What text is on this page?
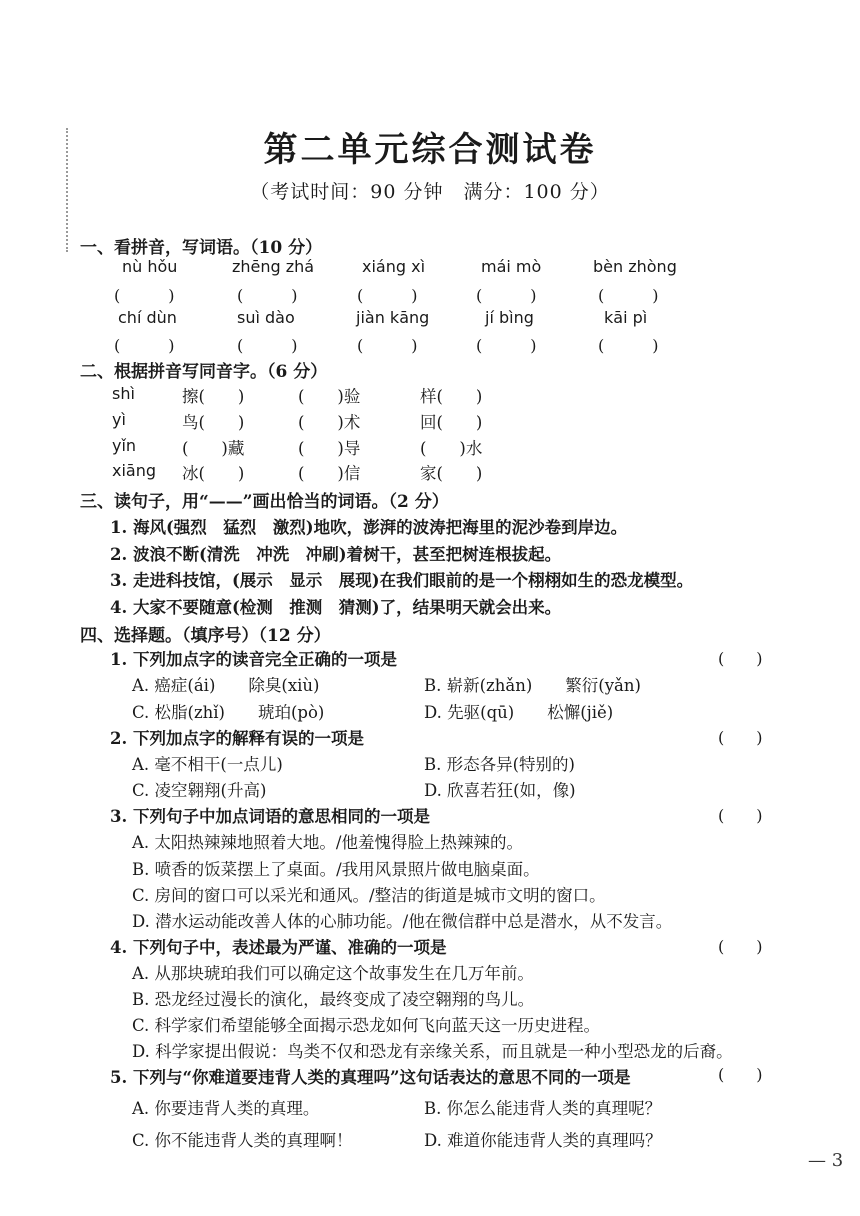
第二单元综合测试卷
（考试时间：90 分钟　满分：100 分）
一、看拼音，写词语。（10 分）
nù hǒu	zhēng zhá	xiáng xì	mái mò	bèn zhòng
(　　　)	(　　　)	(　　　)	(　　　)	(　　　)
chí dùn	suì dào	jiàn kāng	jí bìng	kāi pì
(　　　)	(　　　)	(　　　)	(　　　)	(　　　)
二、根据拼音写同音字。（6 分）
shì	擦(　　)	(　　)验	样(　　)
yì	鸟(　　)	(　　)术	回(　　)
yǐn	(　　)藏	(　　)导	(　　)水
xiāng 冰(　　)	(　　)信	家(　　)
三、读句子，用“——”画出恰当的词语。（2 分）
1. 海风(强烈　猛烈　激烈)地吹，澎湃的波涛把海里的泥沙卷到岸边。
2. 波浪不断(清洗　冲洗　冲刷)着树干，甚至把树连根拔起。
3. 走进科技馆，(展示　显示　展现)在我们眼前的是一个栩栩如生的恐龙模型。
4. 大家不要随意(检测　推测　猜测)了，结果明天就会出来。
四、选择题。（填序号）（12 分）
1. 下列加点字的读音完全正确的一项是	(　　)
A. 癌症(ái)　　除臭(xiù)	B. 崭新(zhǎn)　　繁衍(yǎn)
C. 松脂(zhǐ)　　琥珀(pò)	D. 先驱(qū)　　松懈(jiě)
2. 下列加点字的解释有误的一项是	(　　)
A. 毫不相干(一点儿)	B. 形态各异(特别的)
C. 凌空翱翔(升高)	D. 欣喜若狂(如，像)
3. 下列句子中加点词语的意思相同的一项是	(　　)
A. 太阳热辣辣地照着大地。/他羞愧得脸上热辣辣的。
B. 喷香的饭菜摆上了桌面。/我用风景照片做电脑桌面。
C. 房间的窗口可以采光和通风。/整洁的街道是城市文明的窗口。
D. 潜水运动能改善人体的心肺功能。/他在微信群中总是潜水，从不发言。
4. 下列句子中，表述最为严谨、准确的一项是	(　　)
A. 从那块琥珀我们可以确定这个故事发生在几万年前。
B. 恐龙经过漫长的演化，最终变成了凌空翱翔的鸟儿。
C. 科学家们希望能够全面揭示恐龙如何飞向蓝天这一历史进程。
D. 科学家提出假说：鸟类不仅和恐龙有亲缘关系，而且就是一种小型恐龙的后裔。
5. 下列与“你难道要违背人类的真理吗”这句话表达的意思不同的一项是	(　　)
A. 你要违背人类的真理。	B. 你怎么能违背人类的真理呢？
C. 你不能违背人类的真理啊！	D. 难道你能违背人类的真理吗？
— 3
